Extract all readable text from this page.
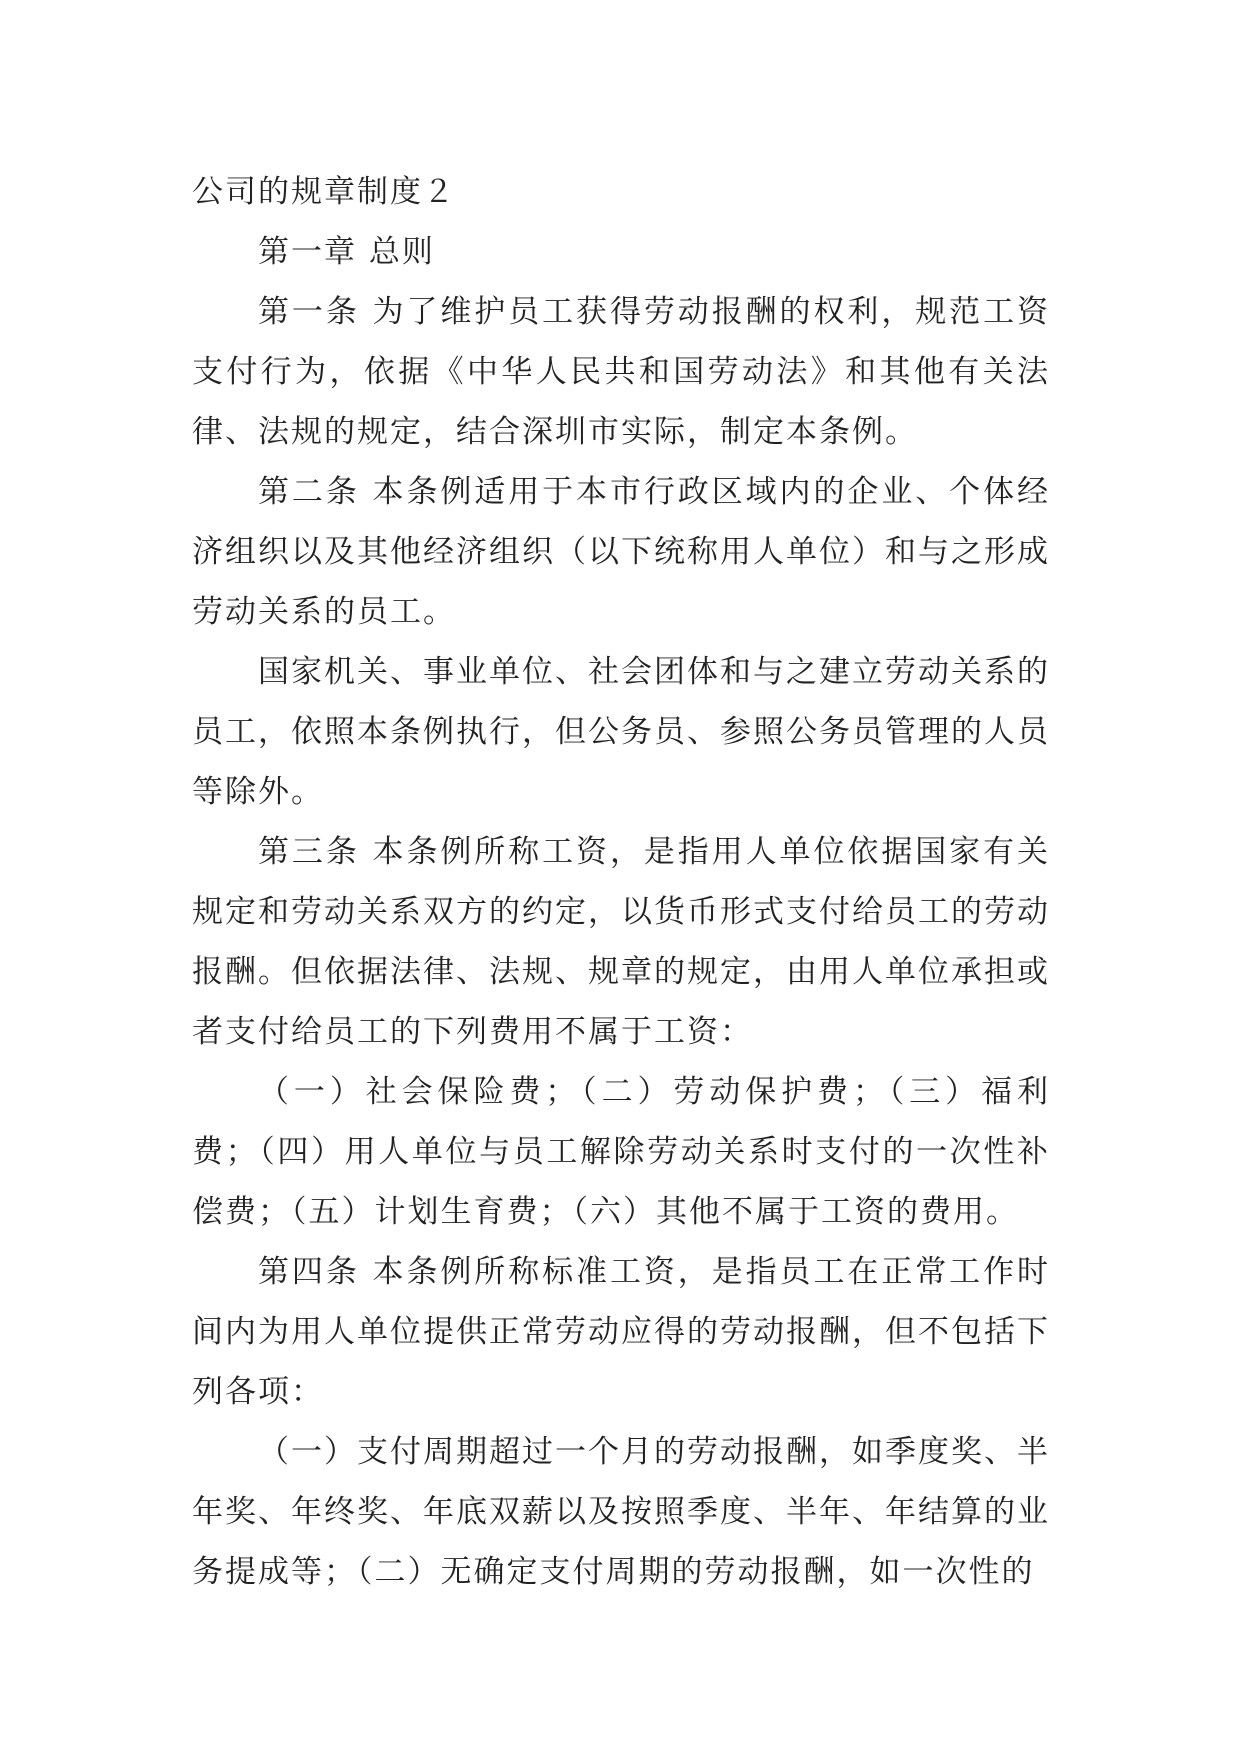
公司的规章制度２

第一章 总则

第一条 为了维护员工获得劳动报酬的权利，规范工资支付行为，依据《中华人民共和国劳动法》和其他有关法律、法规的规定，结合深圳市实际，制定本条例。

第二条 本条例适用于本市行政区域内的企业、个体经济组织以及其他经济组织（以下统称用人单位）和与之形成劳动关系的员工。

国家机关、事业单位、社会团体和与之建立劳动关系的员工，依照本条例执行，但公务员、参照公务员管理的人员等除外。

第三条 本条例所称工资，是指用人单位依据国家有关规定和劳动关系双方的约定，以货币形式支付给员工的劳动报酬。但依据法律、法规、规章的规定，由用人单位承担或者支付给员工的下列费用不属于工资：

（一）社会保险费；（二）劳动保护费；（三）福利费；（四）用人单位与员工解除劳动关系时支付的一次性补偿费；（五）计划生育费；（六）其他不属于工资的费用。

第四条 本条例所称标准工资，是指员工在正常工作时间内为用人单位提供正常劳动应得的劳动报酬，但不包括下列各项：

（一）支付周期超过一个月的劳动报酬，如季度奖、半年奖、年终奖、年底双薪以及按照季度、半年、年结算的业务提成等；（二）无确定支付周期的劳动报酬，如一次性的
